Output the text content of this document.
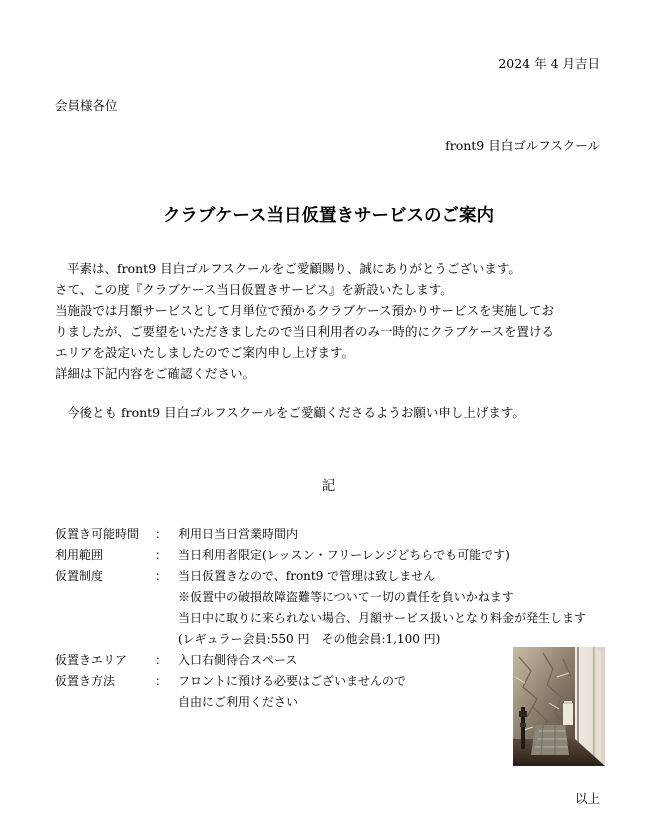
2024 年 4 月吉日
会員様各位
front9 目白ゴルフスクール
クラブケース当日仮置きサービスのご案内

平素は、front9 目白ゴルフスクールをご愛顧賜り、誠にありがとうございます。

さて、この度『クラブケース当日仮置きサービス』を新設いたします。

当施設では月額サービスとして月単位で預かるクラブケース預かりサービスを実施してお

りましたが、ご要望をいただきましたので当日利用者のみ一時的にクラブケースを置ける

エリアを設定いたしましたのでご案内申し上げます。

詳細は下記内容をご確認ください。

今後とも front9 目白ゴルフスクールをご愛顧くださるようお願い申し上げます。
記
仮置き可能時間	： 利用日当日営業時間内
利用範囲	： 当日利用者限定(レッスン・フリーレンジどちらでも可能です)
仮置制度	： 当日仮置きなので、front9 で管理は致しません
※仮置中の破損故障盗難等について一切の責任を負いかねます
当日中に取りに来られない場合、月額サービス扱いとなり料金が発生します
(レギュラー会員:550 円　その他会員:1,100 円)
仮置きエリア	： 入口右側待合スペース
仮置き方法	： フロントに預ける必要はございませんので
自由にご利用ください
以上
